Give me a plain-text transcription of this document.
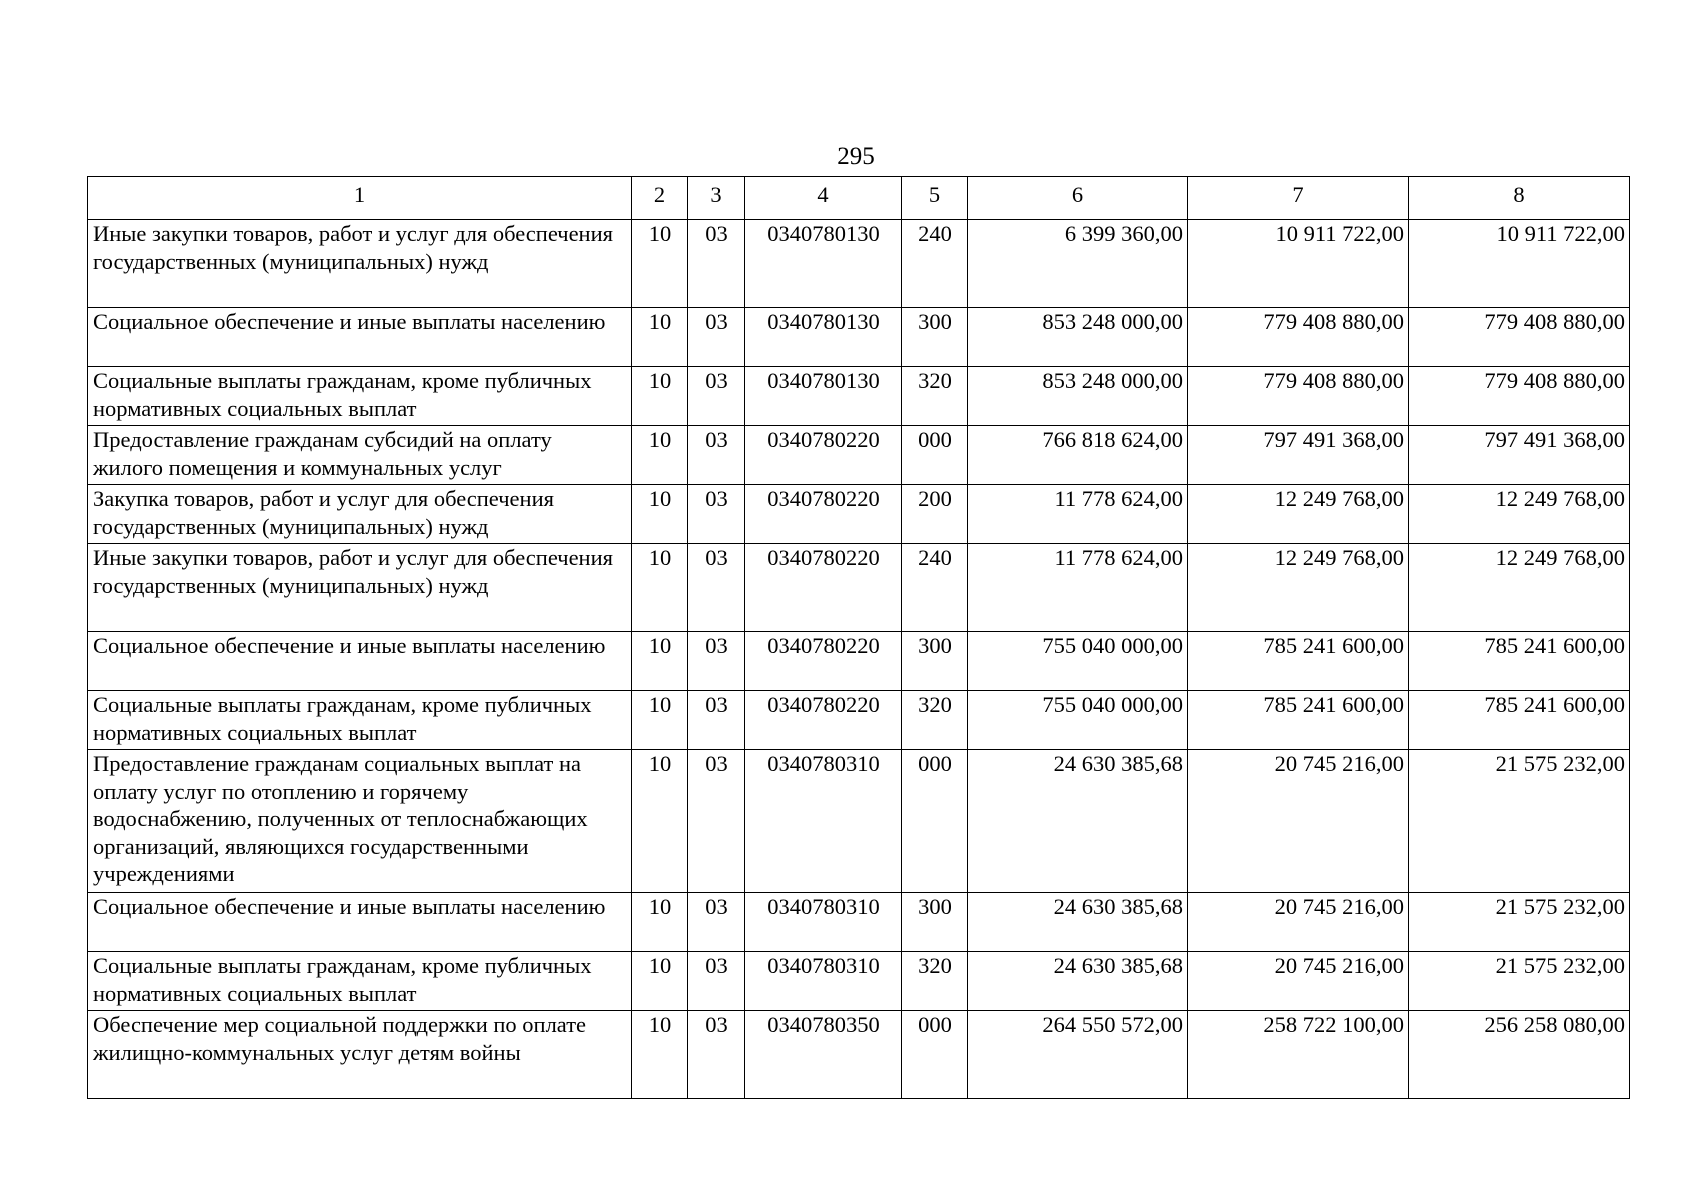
295
1	2	3	4	5	6	7	8
Иные закупки товаров, работ и услуг для обеспечения государственных (муниципальных) нужд	10	03	0340780130	240	6 399 360,00	10 911 722,00	10 911 722,00
Социальное обеспечение и иные выплаты населению	10	03	0340780130	300	853 248 000,00	779 408 880,00	779 408 880,00
Социальные выплаты гражданам, кроме публичных нормативных социальных выплат	10	03	0340780130	320	853 248 000,00	779 408 880,00	779 408 880,00
Предоставление гражданам субсидий на оплату жилого помещения и коммунальных услуг	10	03	0340780220	000	766 818 624,00	797 491 368,00	797 491 368,00
Закупка товаров, работ и услуг для обеспечения государственных (муниципальных) нужд	10	03	0340780220	200	11 778 624,00	12 249 768,00	12 249 768,00
Иные закупки товаров, работ и услуг для обеспечения государственных (муниципальных) нужд	10	03	0340780220	240	11 778 624,00	12 249 768,00	12 249 768,00
Социальное обеспечение и иные выплаты населению	10	03	0340780220	300	755 040 000,00	785 241 600,00	785 241 600,00
Социальные выплаты гражданам, кроме публичных нормативных социальных выплат	10	03	0340780220	320	755 040 000,00	785 241 600,00	785 241 600,00
Предоставление гражданам социальных выплат на оплату услуг по отоплению и горячему водоснабжению, полученных от теплоснабжающих организаций, являющихся государственными учреждениями	10	03	0340780310	000	24 630 385,68	20 745 216,00	21 575 232,00
Социальное обеспечение и иные выплаты населению	10	03	0340780310	300	24 630 385,68	20 745 216,00	21 575 232,00
Социальные выплаты гражданам, кроме публичных нормативных социальных выплат	10	03	0340780310	320	24 630 385,68	20 745 216,00	21 575 232,00
Обеспечение мер социальной поддержки по оплате жилищно-коммунальных услуг детям войны	10	03	0340780350	000	264 550 572,00	258 722 100,00	256 258 080,00
